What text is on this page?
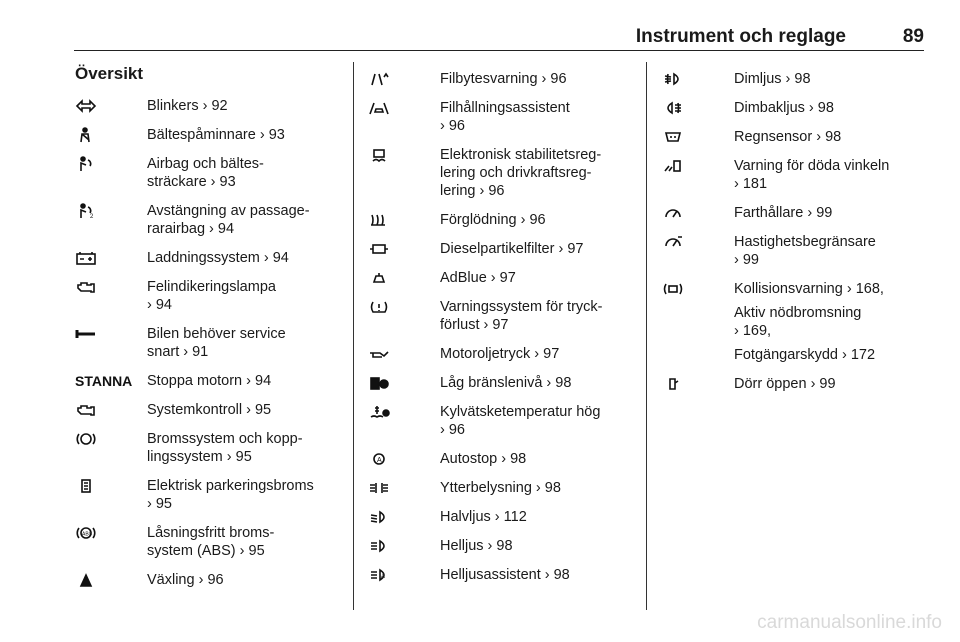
Instrument och reglage	89
Översikt
Blinkers › 92
Bältespåminnare › 93
Airbag och bältes-
sträckare › 93
2	Avstängning av passage-
rarairbag › 94
Laddningssystem › 94
Felindikeringslampa
› 94
Bilen behöver service
snart › 91
STANNA	Stoppa motorn › 94
Systemkontroll › 95
Bromssystem och kopp-
lingssystem › 95
Elektrisk parkeringsbroms
› 95
ABS	Låsningsfritt broms-
system (ABS) › 95
Växling › 96
Filbytesvarning › 96
Filhållningsassistent
› 96
Elektronisk stabilitetsreg-
lering och drivkraftsreg-
lering › 96
Förglödning › 96
Dieselpartikelfilter › 97
AdBlue › 97
Varningssystem för tryck-
förlust › 97
Motoroljetryck › 97
Låg bränslenivå › 98
Kylvätsketemperatur hög
› 96
A	Autostop › 98
Ytterbelysning › 98
Halvljus › 112
Helljus › 98
A	Helljusassistent › 98
Dimljus › 98
Dimbakljus › 98
Regnsensor › 98
Varning för döda vinkeln
› 181
Farthållare › 99
Hastighetsbegränsare
› 99
Kollisionsvarning › 168,
Aktiv nödbromsning
› 169,
Fotgängarskydd › 172
Dörr öppen › 99
carmanualsonline.info
